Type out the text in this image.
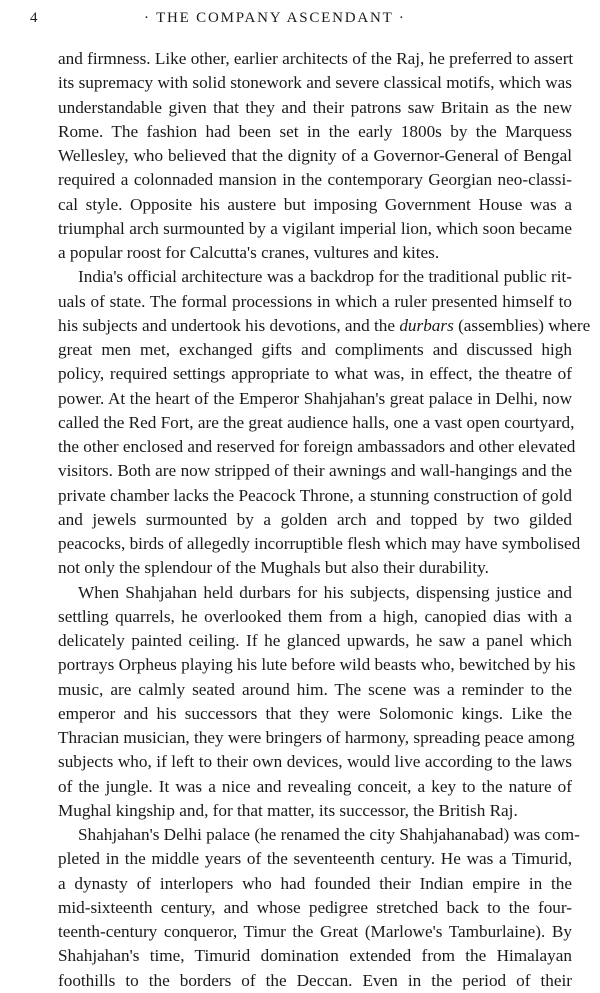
4	· THE COMPANY ASCENDANT ·
and firmness. Like other, earlier architects of the Raj, he preferred to assert
its supremacy with solid stonework and severe classical motifs, which was
understandable given that they and their patrons saw Britain as the new
Rome. The fashion had been set in the early 1800s by the Marquess
Wellesley, who believed that the dignity of a Governor-General of Bengal
required a colonnaded mansion in the contemporary Georgian neo-classi-
cal style. Opposite his austere but imposing Government House was a
triumphal arch surmounted by a vigilant imperial lion, which soon became
a popular roost for Calcutta's cranes, vultures and kites.
India's official architecture was a backdrop for the traditional public rit-
uals of state. The formal processions in which a ruler presented himself to
his subjects and undertook his devotions, and the durbars (assemblies) where
great men met, exchanged gifts and compliments and discussed high
policy, required settings appropriate to what was, in effect, the theatre of
power. At the heart of the Emperor Shahjahan's great palace in Delhi, now
called the Red Fort, are the great audience halls, one a vast open courtyard,
the other enclosed and reserved for foreign ambassadors and other elevated
visitors. Both are now stripped of their awnings and wall-hangings and the
private chamber lacks the Peacock Throne, a stunning construction of gold
and jewels surmounted by a golden arch and topped by two gilded
peacocks, birds of allegedly incorruptible flesh which may have symbolised
not only the splendour of the Mughals but also their durability.
When Shahjahan held durbars for his subjects, dispensing justice and
settling quarrels, he overlooked them from a high, canopied dias with a
delicately painted ceiling. If he glanced upwards, he saw a panel which
portrays Orpheus playing his lute before wild beasts who, bewitched by his
music, are calmly seated around him. The scene was a reminder to the
emperor and his successors that they were Solomonic kings. Like the
Thracian musician, they were bringers of harmony, spreading peace among
subjects who, if left to their own devices, would live according to the laws
of the jungle. It was a nice and revealing conceit, a key to the nature of
Mughal kingship and, for that matter, its successor, the British Raj.
Shahjahan's Delhi palace (he renamed the city Shahjahanabad) was com-
pleted in the middle years of the seventeenth century. He was a Timurid,
a dynasty of interlopers who had founded their Indian empire in the
mid-sixteenth century, and whose pedigree stretched back to the four-
teenth-century conqueror, Timur the Great (Marlowe's Tamburlaine). By
Shahjahan's time, Timurid domination extended from the Himalayan
foothills to the borders of the Deccan. Even in the period of their
